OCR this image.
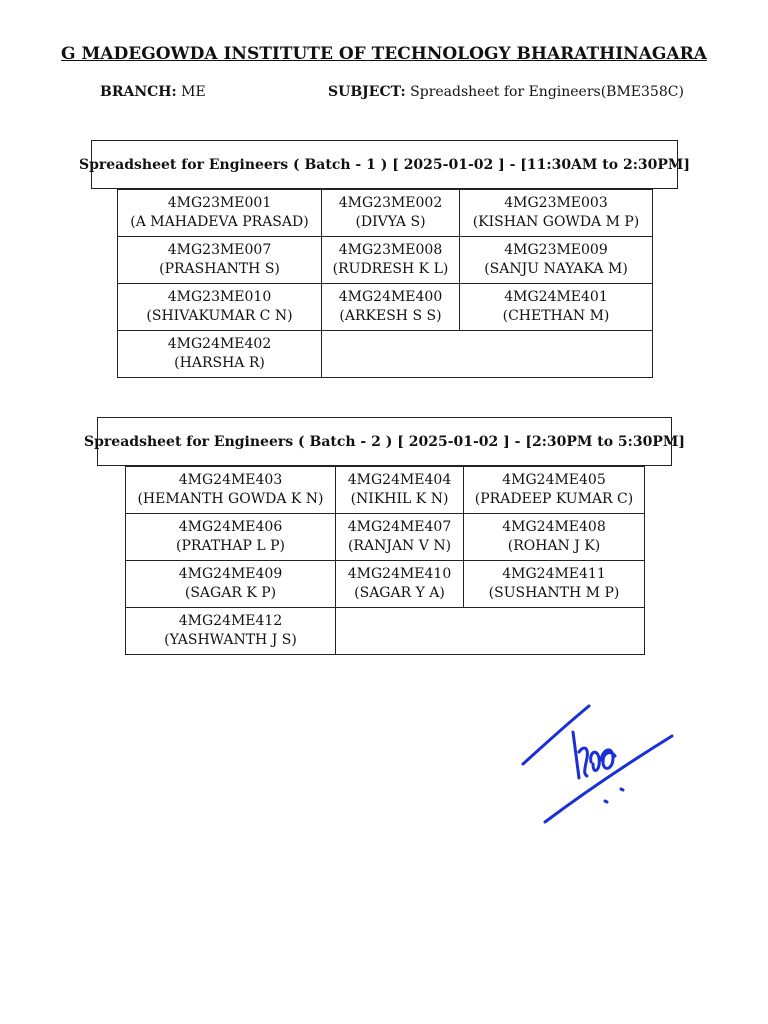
G MADEGOWDA INSTITUTE OF TECHNOLOGY BHARATHINAGARA
BRANCH: ME	SUBJECT: Spreadsheet for Engineers(BME358C)
Spreadsheet for Engineers ( Batch - 1 ) [ 2025-01-02 ] - [11:30AM to 2:30PM]
4MG23ME001
(A MAHADEVA PRASAD)	4MG23ME002
(DIVYA S)	4MG23ME003
(KISHAN GOWDA M P)

4MG23ME007
(PRASHANTH S)	4MG23ME008
(RUDRESH K L)	4MG23ME009
(SANJU NAYAKA M)

4MG23ME010
(SHIVAKUMAR C N)	4MG24ME400
(ARKESH S S)	4MG24ME401
(CHETHAN M)

4MG24ME402
(HARSHA R)		

Spreadsheet for Engineers ( Batch - 2 ) [ 2025-01-02 ] - [2:30PM to 5:30PM]
4MG24ME403
(HEMANTH GOWDA K N)	4MG24ME404
(NIKHIL K N)	4MG24ME405
(PRADEEP KUMAR C)

4MG24ME406
(PRATHAP L P)	4MG24ME407
(RANJAN V N)	4MG24ME408
(ROHAN J K)

4MG24ME409
(SAGAR K P)	4MG24ME410
(SAGAR Y A)	4MG24ME411
(SUSHANTH M P)

4MG24ME412
(YASHWANTH J S)		
